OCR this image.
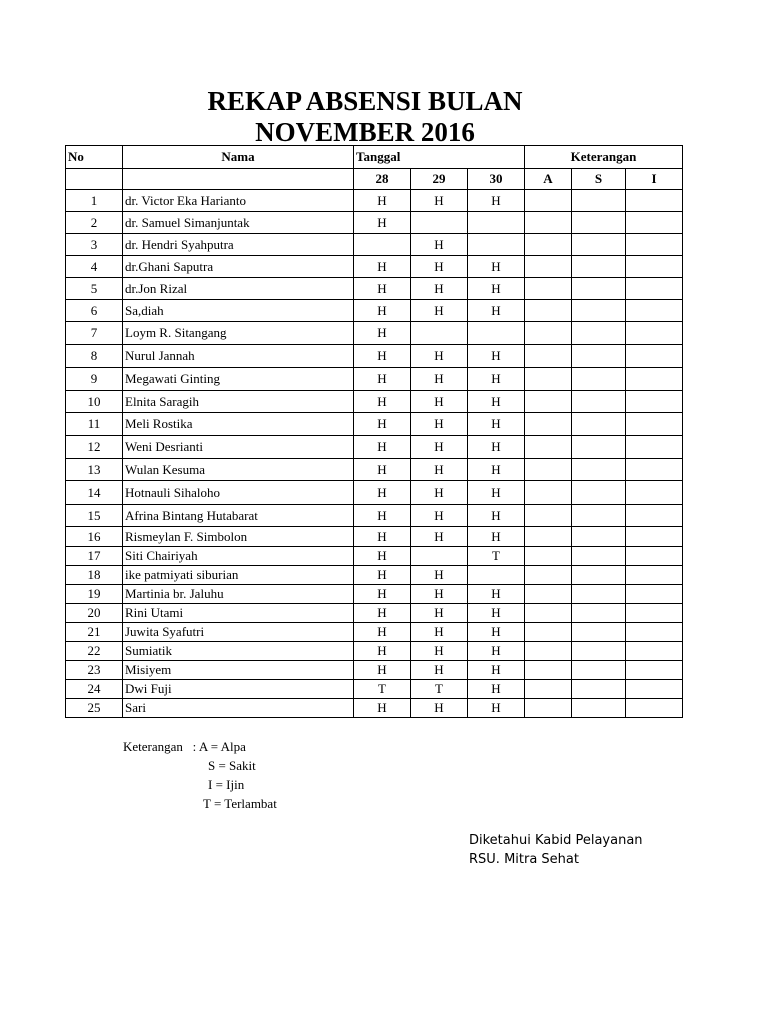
REKAP ABSENSI BULAN
NOVEMBER 2016
No	Nama	Tanggal			Keterangan		
		28	29	30	A	S	I
1	dr. Victor Eka Harianto	H	H	H			
2	dr. Samuel Simanjuntak	H					
3	dr. Hendri Syahputra		H				
4	dr.Ghani Saputra	H	H	H			
5	dr.Jon Rizal	H	H	H			
6	Sa,diah	H	H	H			
7	Loym R. Sitangang	H					
8	Nurul Jannah	H	H	H			
9	Megawati Ginting	H	H	H			
10	Elnita Saragih	H	H	H			
11	Meli Rostika	H	H	H			
12	Weni Desrianti	H	H	H			
13	Wulan Kesuma	H	H	H			
14	Hotnauli Sihaloho	H	H	H			
15	Afrina Bintang Hutabarat	H	H	H			
16	Rismeylan F. Simbolon	H	H	H			
17	Siti Chairiyah	H		T			
18	ike patmiyati siburian	H	H				
19	Martinia br. Jaluhu	H	H	H			
20	Rini Utami	H	H	H			
21	Juwita Syafutri	H	H	H			
22	Sumiatik	H	H	H			
23	Misiyem	H	H	H			
24	Dwi Fuji	T	T	H			
25	Sari	H	H	H			
Keterangan : A = Alpa
S = Sakit
I = Ijin
T = Terlambat
Diketahui Kabid Pelayanan
RSU. Mitra Sehat
